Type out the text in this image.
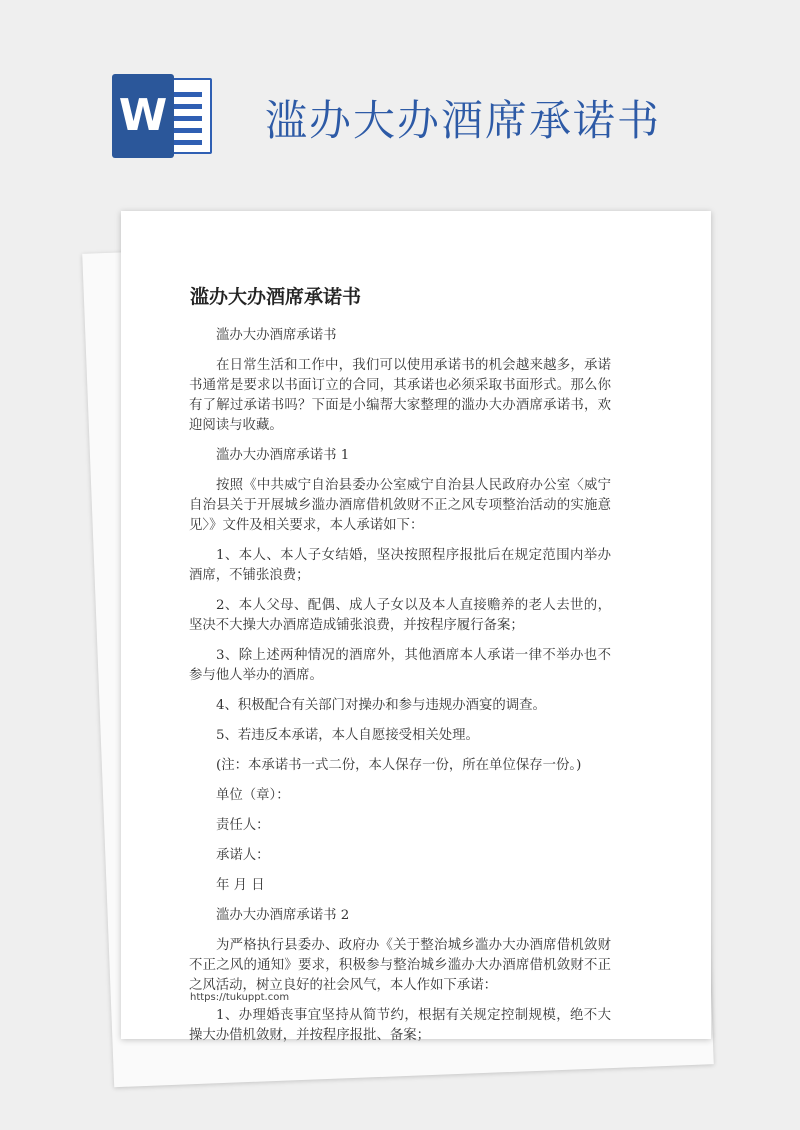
W 滥办大办酒席承诺书
滥办大办酒席承诺书

滥办大办酒席承诺书

在日常生活和工作中，我们可以使用承诺书的机会越来越多，承诺书通常是要求以书面订立的合同，其承诺也必须采取书面形式。那么你有了解过承诺书吗？下面是小编帮大家整理的滥办大办酒席承诺书，欢迎阅读与收藏。

滥办大办酒席承诺书 1

按照《中共威宁自治县委办公室威宁自治县人民政府办公室〈威宁自治县关于开展城乡滥办酒席借机敛财不正之风专项整治活动的实施意见〉》文件及相关要求，本人承诺如下：

1、本人、本人子女结婚，坚决按照程序报批后在规定范围内举办酒席，不铺张浪费；

2、本人父母、配偶、成人子女以及本人直接赡养的老人去世的，坚决不大操大办酒席造成铺张浪费，并按程序履行备案；

3、除上述两种情况的酒席外，其他酒席本人承诺一律不举办也不参与他人举办的酒席。

4、积极配合有关部门对操办和参与违规办酒宴的调查。

5、若违反本承诺，本人自愿接受相关处理。

(注：本承诺书一式二份，本人保存一份，所在单位保存一份。)

单位（章）：

责任人：

承诺人：

年 月 日

滥办大办酒席承诺书 2

为严格执行县委办、政府办《关于整治城乡滥办大办酒席借机敛财不正之风的通知》要求，积极参与整治城乡滥办大办酒席借机敛财不正之风活动，树立良好的社会风气，本人作如下承诺：

1、办理婚丧事宜坚持从简节约，根据有关规定控制规模，绝不大操大办借机敛财，并按程序报批、备案；

https://tukuppt.com
